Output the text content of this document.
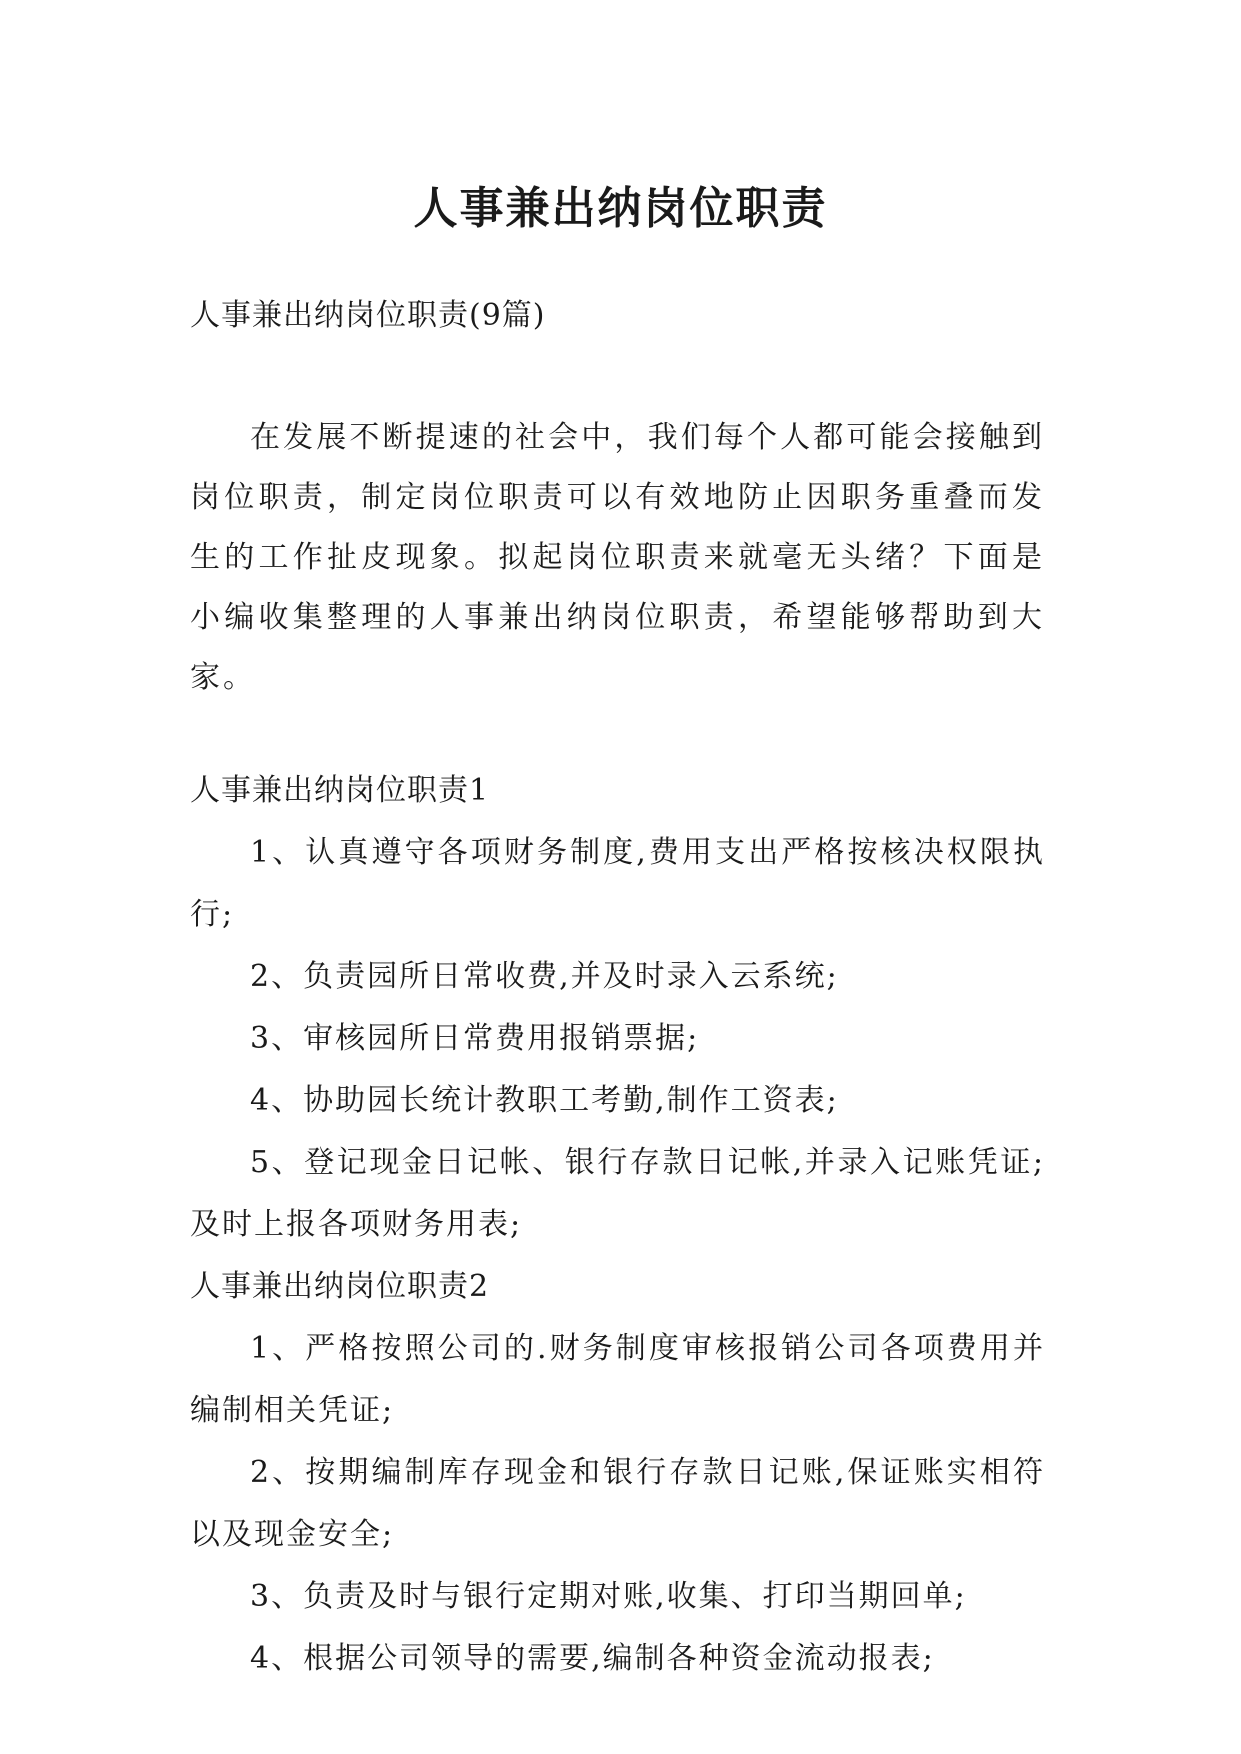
人事兼出纳岗位职责

人事兼出纳岗位职责(9篇)

在发展不断提速的社会中，我们每个人都可能会接触到岗位职责，制定岗位职责可以有效地防止因职务重叠而发生的工作扯皮现象。拟起岗位职责来就毫无头绪？下面是小编收集整理的人事兼出纳岗位职责，希望能够帮助到大家。

人事兼出纳岗位职责1

1、认真遵守各项财务制度,费用支出严格按核决权限执行;

2、负责园所日常收费,并及时录入云系统;

3、审核园所日常费用报销票据;

4、协助园长统计教职工考勤,制作工资表;

5、登记现金日记帐、银行存款日记帐,并录入记账凭证;及时上报各项财务用表;

人事兼出纳岗位职责2

1、严格按照公司的.财务制度审核报销公司各项费用并编制相关凭证;

2、按期编制库存现金和银行存款日记账,保证账实相符以及现金安全;

3、负责及时与银行定期对账,收集、打印当期回单;

4、根据公司领导的需要,编制各种资金流动报表;
